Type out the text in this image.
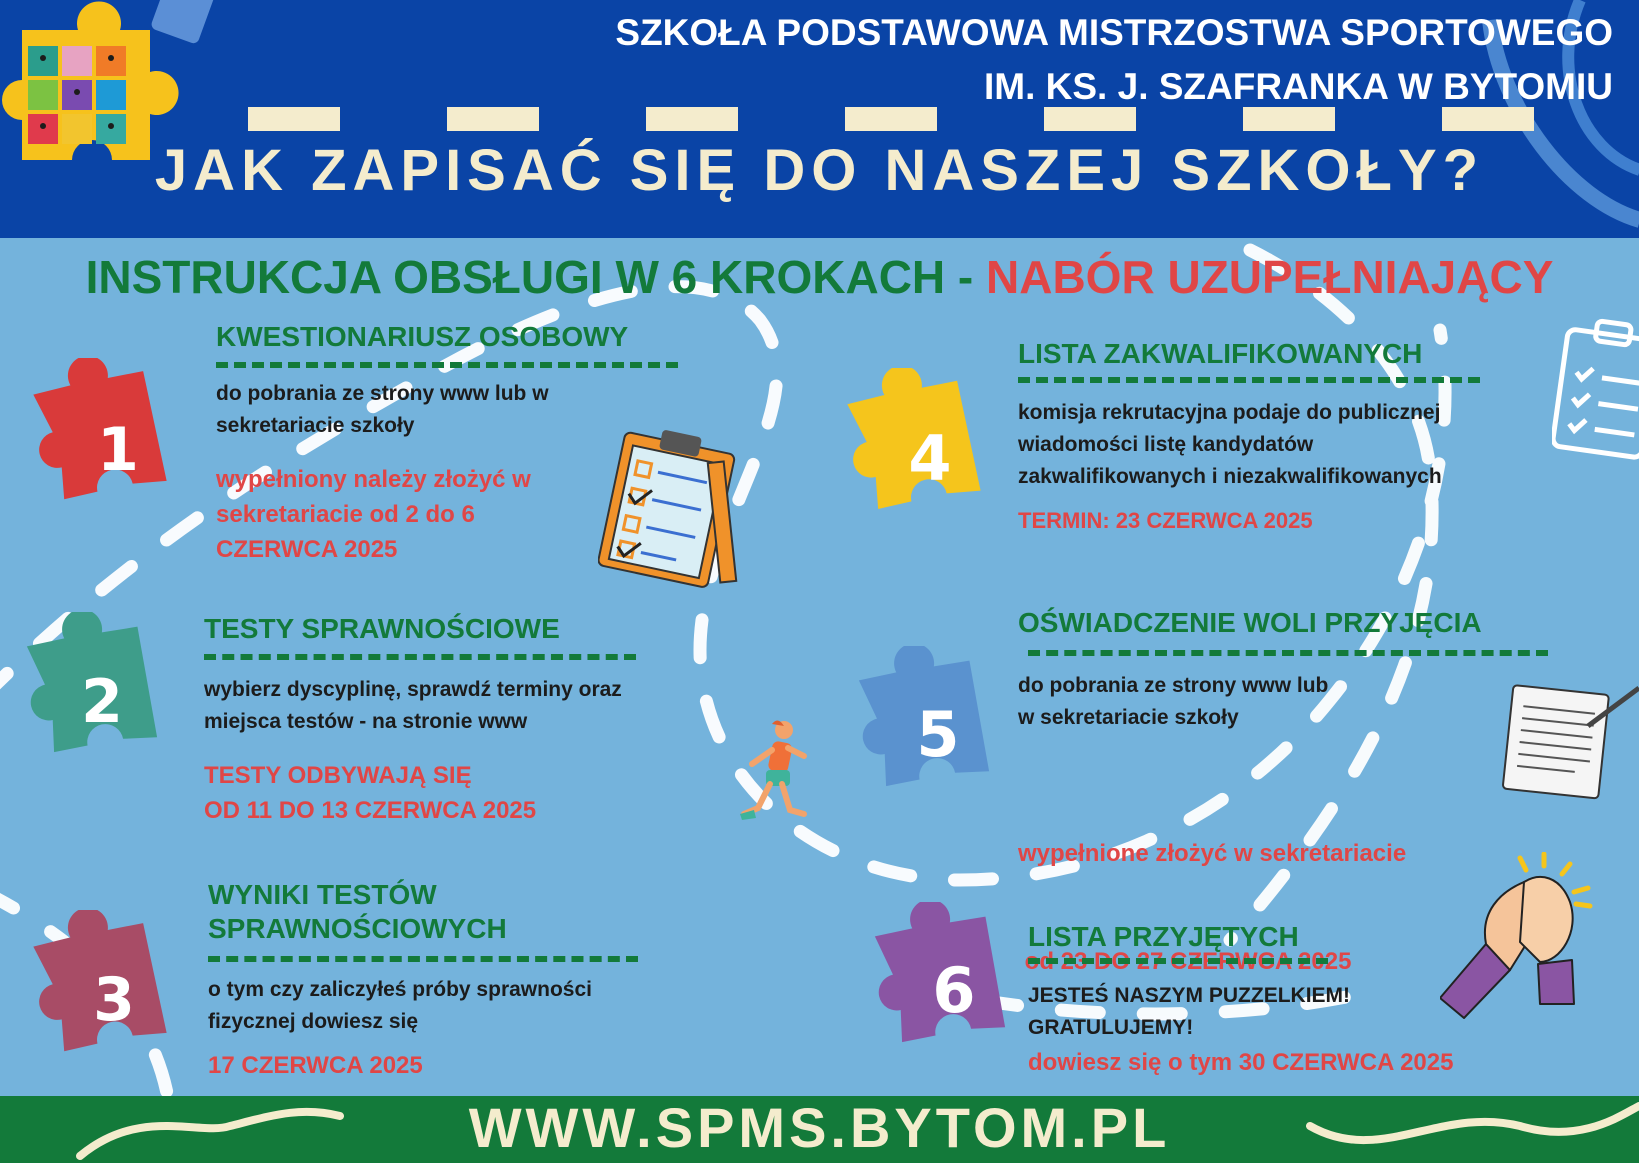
SZKOŁA PODSTAWOWA MISTRZOSTWA SPORTOWEGO
IM. KS. J. SZAFRANKA W BYTOMIU
JAK ZAPISAĆ SIĘ DO NASZEJ SZKOŁY?
INSTRUKCJA OBSŁUGI W 6 KROKACH - NABÓR UZUPEŁNIAJĄCY
1
2
3
4
5
6
KWESTIONARIUSZ OSOBOWY
do pobrania ze strony www lub w
sekretariacie szkoły
wypełniony należy złożyć w
sekretariacie od 2 do 6
CZERWCA 2025
TESTY SPRAWNOŚCIOWE
wybierz dyscyplinę, sprawdź terminy oraz
miejsca testów - na stronie www
TESTY ODBYWAJĄ SIĘ
OD 11 DO 13 CZERWCA 2025
WYNIKI TESTÓW
SPRAWNOŚCIOWYCH
o tym czy zaliczyłeś próby sprawności
fizycznej dowiesz się
17 CZERWCA 2025
LISTA ZAKWALIFIKOWANYCH
komisja rekrutacyjna podaje do publicznej
wiadomości listę kandydatów
zakwalifikowanych i niezakwalifikowanych
TERMIN: 23 CZERWCA 2025
OŚWIADCZENIE WOLI PRZYJĘCIA
do pobrania ze strony www lub
w sekretariacie szkoły

wypełnione złożyć w sekretariacie

od 23 DO 27 CZERWCA 2025

LISTA PRZYJĘTYCH
JESTEŚ NASZYM PUZZELKIEM!
GRATULUJEMY!
dowiesz się o tym 30 CZERWCA 2025
WWW.SPMS.BYTOM.PL
